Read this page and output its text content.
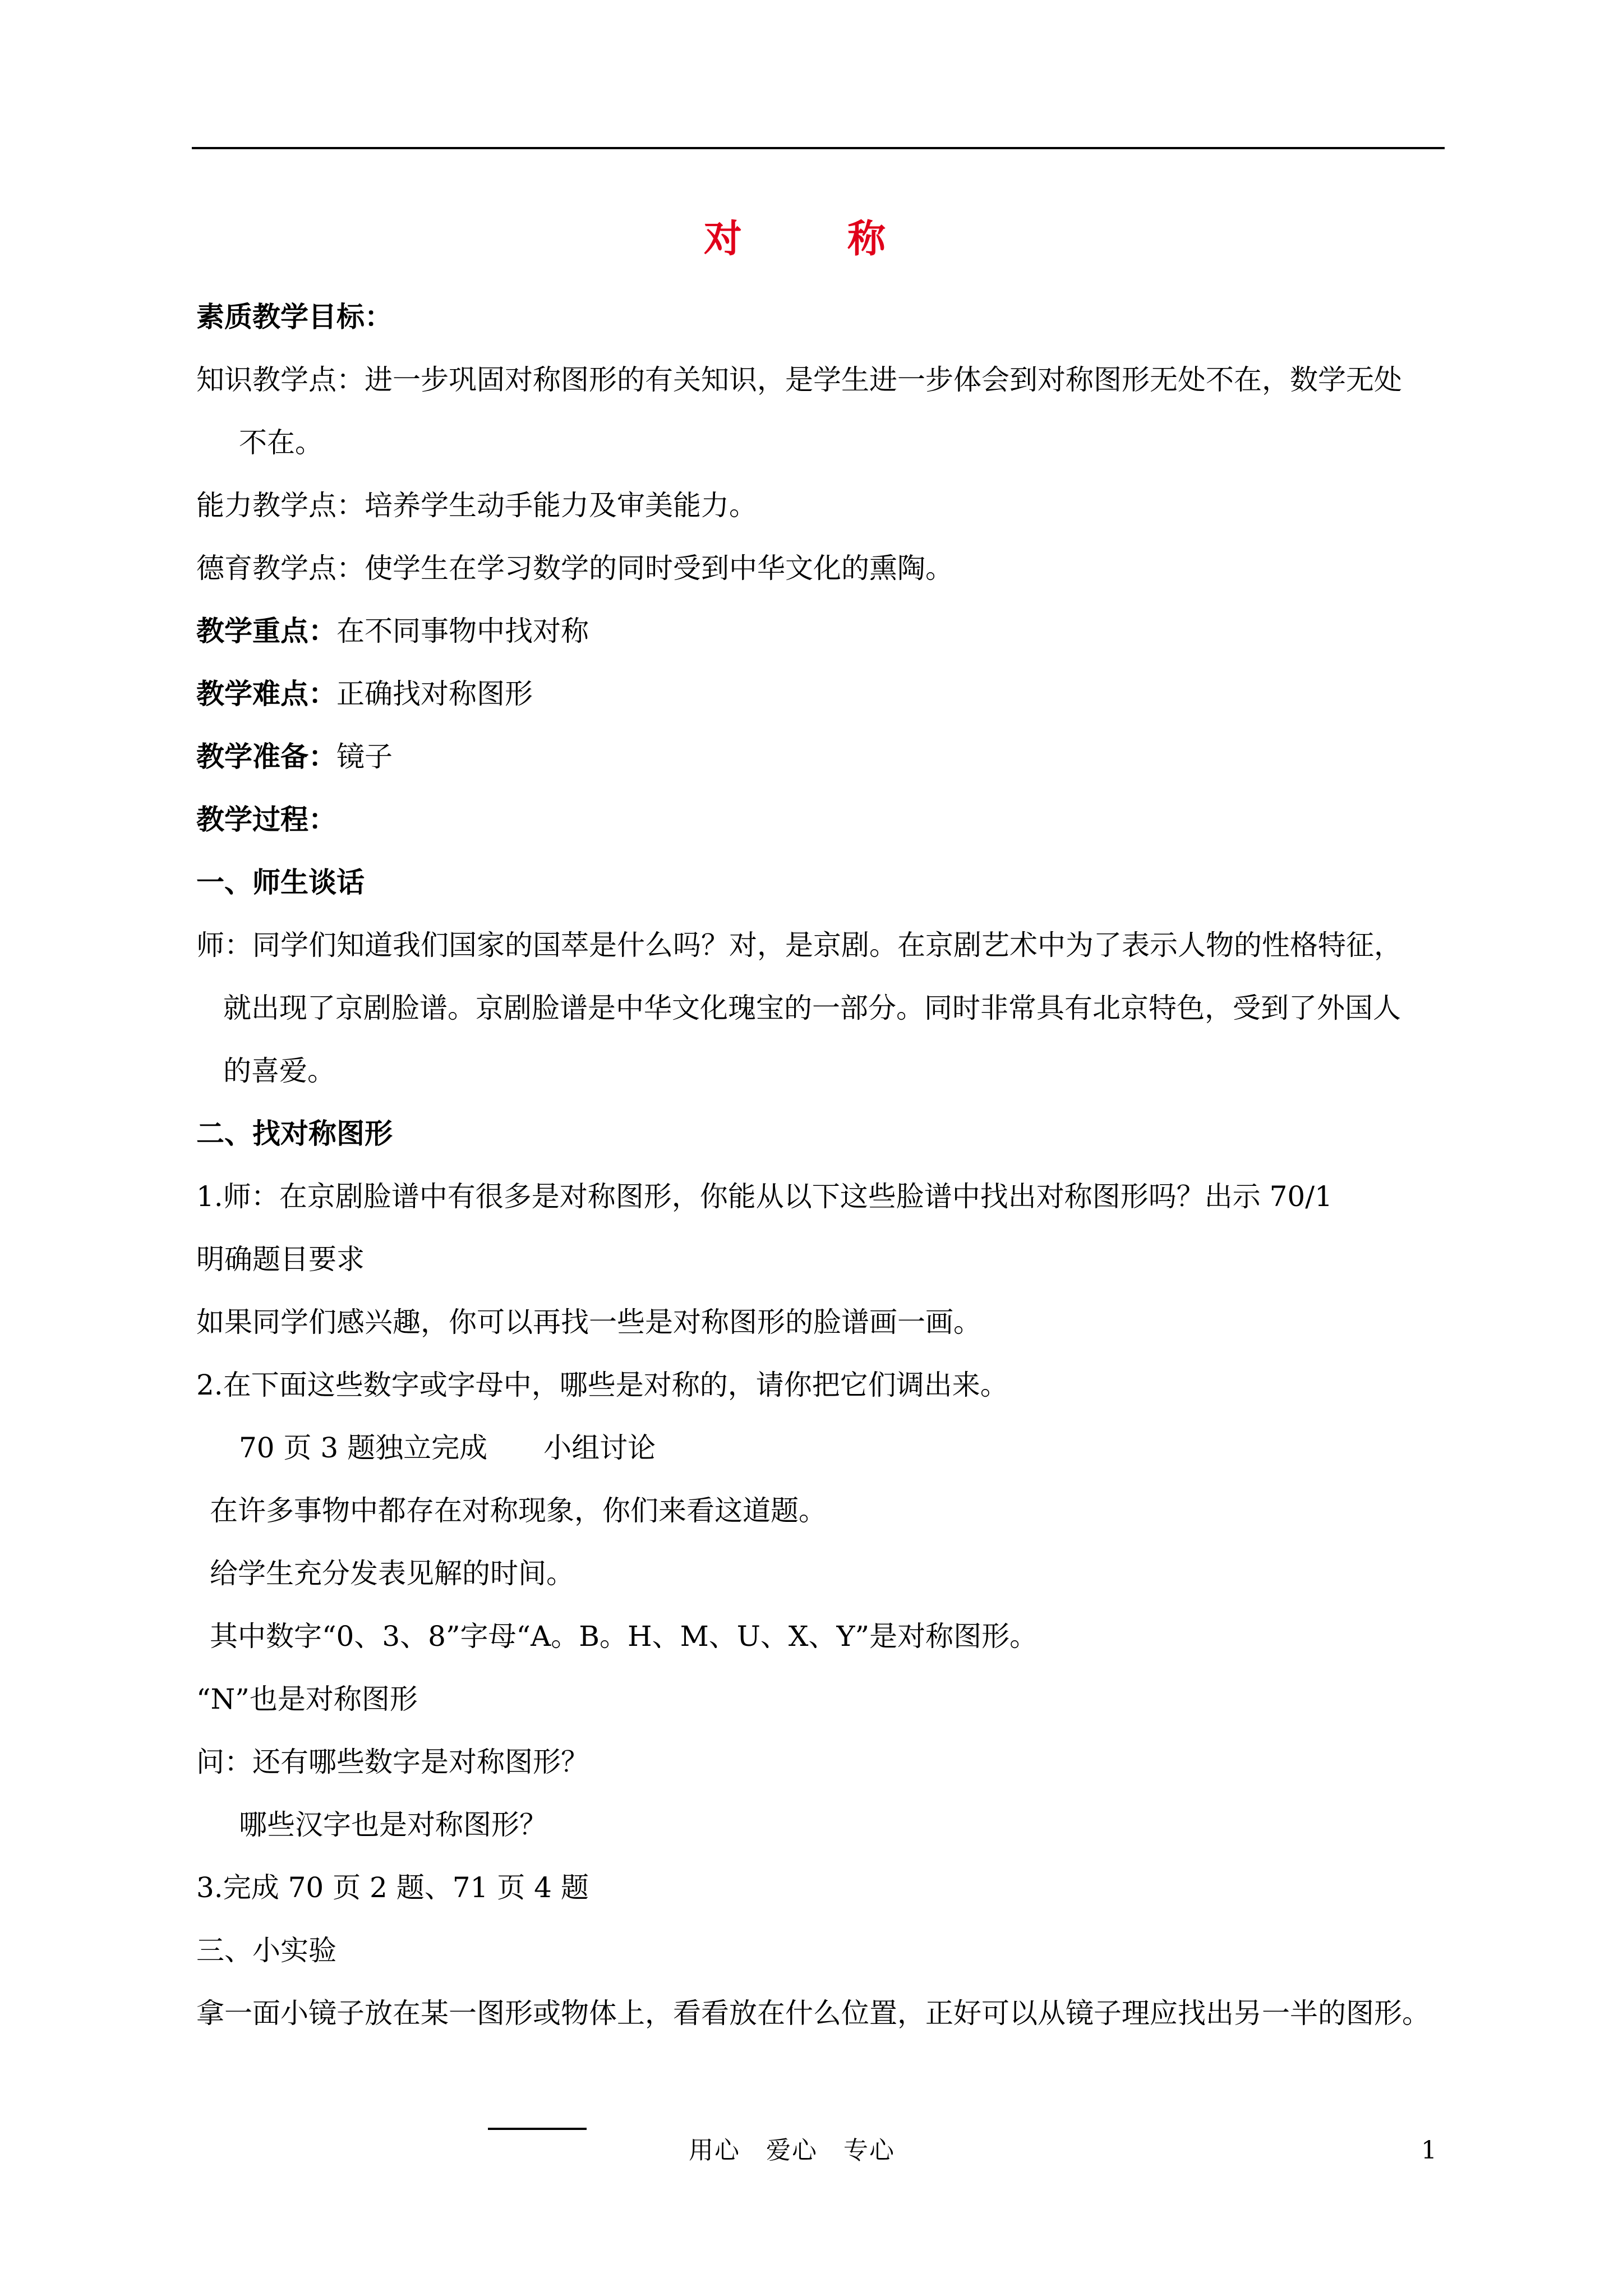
对　称
素质教学目标：
知识教学点：进一步巩固对称图形的有关知识，是学生进一步体会到对称图形无处不在，数学无处
不在。
能力教学点：培养学生动手能力及审美能力。
德育教学点：使学生在学习数学的同时受到中华文化的熏陶。
教学重点：在不同事物中找对称
教学难点：正确找对称图形
教学准备：镜子
教学过程：
一、师生谈话
师：同学们知道我们国家的国萃是什么吗？对，是京剧。在京剧艺术中为了表示人物的性格特征，
就出现了京剧脸谱。京剧脸谱是中华文化瑰宝的一部分。同时非常具有北京特色，受到了外国人
的喜爱。
二、找对称图形
1.师：在京剧脸谱中有很多是对称图形，你能从以下这些脸谱中找出对称图形吗？出示 70/1
明确题目要求
如果同学们感兴趣，你可以再找一些是对称图形的脸谱画一画。
2.在下面这些数字或字母中，哪些是对称的，请你把它们调出来。
70 页 3 题独立完成　　小组讨论
在许多事物中都存在对称现象，你们来看这道题。
给学生充分发表见解的时间。
其中数字“0、3、8”字母“A。B。H、M、U、X、Y”是对称图形。
“N”也是对称图形
问：还有哪些数字是对称图形？
哪些汉字也是对称图形？
3.完成 70 页 2 题、71 页 4 题
三、小实验
拿一面小镜子放在某一图形或物体上，看看放在什么位置，正好可以从镜子理应找出另一半的图形。
用心　爱心　专心	1
